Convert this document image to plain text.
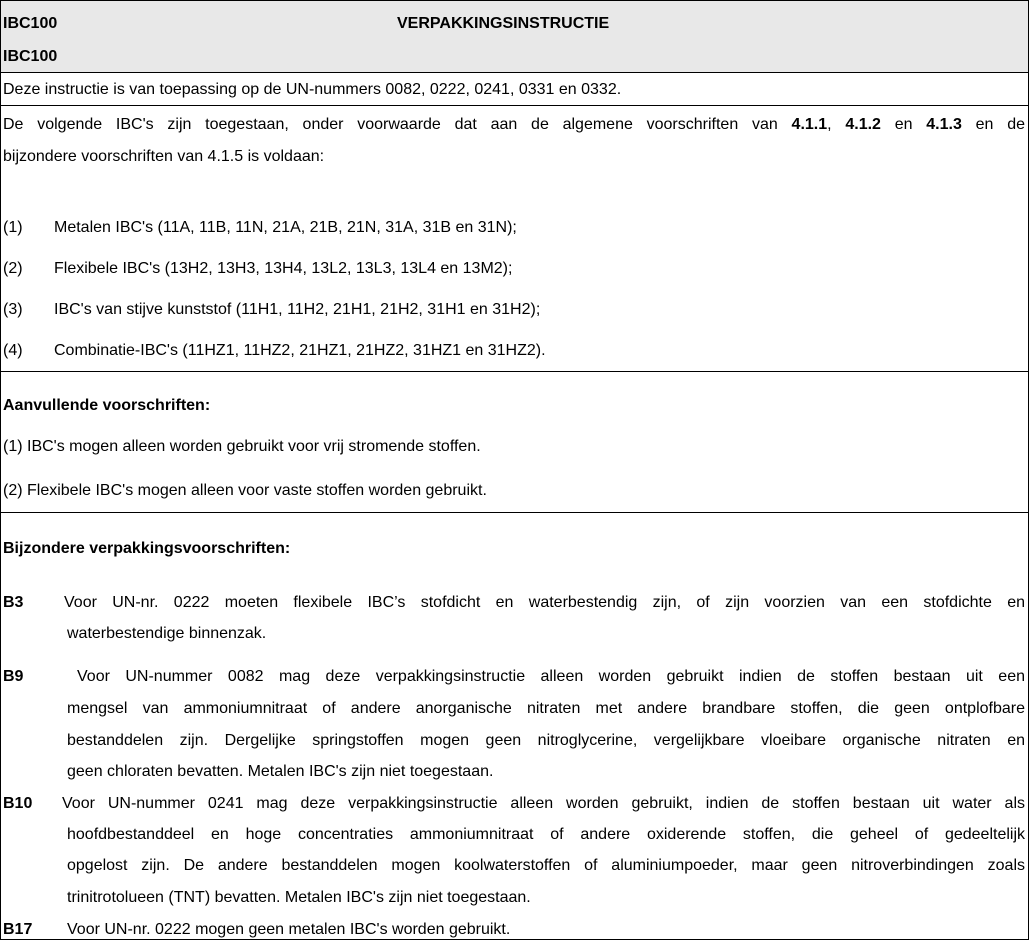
IBC100
IBC100
VERPAKKINGSINSTRUCTIE
Deze instructie is van toepassing op de UN-nummers 0082, 0222, 0241, 0331 en 0332.
De volgende IBC's zijn toegestaan, onder voorwaarde dat aan de algemene voorschriften van 4.1.1, 4.1.2 en 4.1.3 en de
bijzondere voorschriften van 4.1.5 is voldaan:
(1) Metalen IBC's (11A, 11B, 11N, 21A, 21B, 21N, 31A, 31B en 31N);
(2) Flexibele IBC's (13H2, 13H3, 13H4, 13L2, 13L3, 13L4 en 13M2);
(3) IBC's van stijve kunststof (11H1, 11H2, 21H1, 21H2, 31H1 en 31H2);
(4) Combinatie-IBC's (11HZ1, 11HZ2, 21HZ1, 21HZ2, 31HZ1 en 31HZ2).
Aanvullende voorschriften:
(1) IBC's mogen alleen worden gebruikt voor vrij stromende stoffen.
(2) Flexibele IBC's mogen alleen voor vaste stoffen worden gebruikt.
Bijzondere verpakkingsvoorschriften:
B3	Voor UN-nr. 0222 moeten flexibele IBC’s stofdicht en waterbestendig zijn, of zijn voorzien van een stofdichte en
waterbestendige binnenzak.
B9	Voor UN-nummer 0082 mag deze verpakkingsinstructie alleen worden gebruikt indien de stoffen bestaan uit een
mengsel van ammoniumnitraat of andere anorganische nitraten met andere brandbare stoffen, die geen ontplofbare
bestanddelen zijn. Dergelijke springstoffen mogen geen nitroglycerine, vergelijkbare vloeibare organische nitraten en
geen chloraten bevatten. Metalen IBC's zijn niet toegestaan.
B10 Voor UN-nummer 0241 mag deze verpakkingsinstructie alleen worden gebruikt, indien de stoffen bestaan uit water als
hoofdbestanddeel en hoge concentraties ammoniumnitraat of andere oxiderende stoffen, die geheel of gedeeltelijk
opgelost zijn. De andere bestanddelen mogen koolwaterstoffen of aluminiumpoeder, maar geen nitroverbindingen zoals
trinitrotolueen (TNT) bevatten. Metalen IBC's zijn niet toegestaan.
B17 Voor UN-nr. 0222 mogen geen metalen IBC's worden gebruikt.
